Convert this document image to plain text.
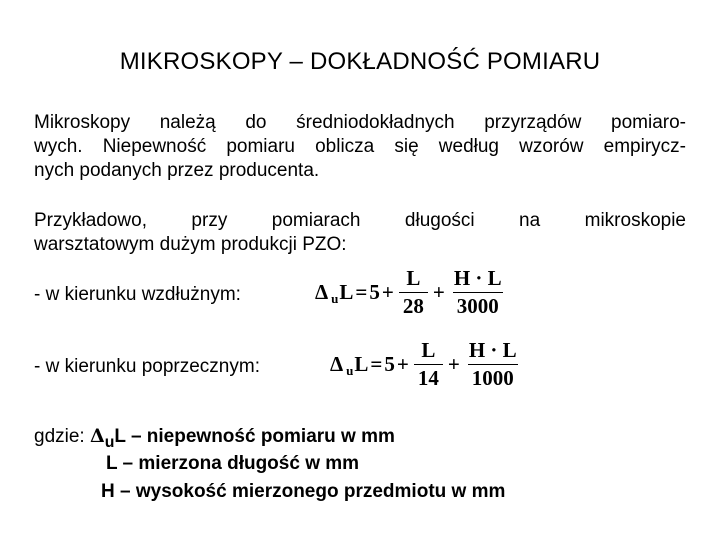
MIKROSKOPY – DOKŁADNOŚĆ POMIARU
Mikroskopy należą do średniodokładnych przyrządów pomiaro-
wych. Niepewność pomiaru oblicza się według wzorów empirycz-
nych podanych przez producenta.
Przykładowo, przy pomiarach długości na mikroskopie
warsztatowym dużym produkcji PZO:
- w kierunku wzdłużnym:	Δ u $L = 5 + \frac{L}{28} + \frac{H \cdot L}{3000}$
- w kierunku poprzecznym:	Δ u $L = 5 + \frac{L}{14} + \frac{H \cdot L}{1000}$
gdzie: $\Delta_uL$ – niepewność pomiaru w mm
L – mierzona długość w mm
H – wysokość mierzonego przedmiotu w mm
